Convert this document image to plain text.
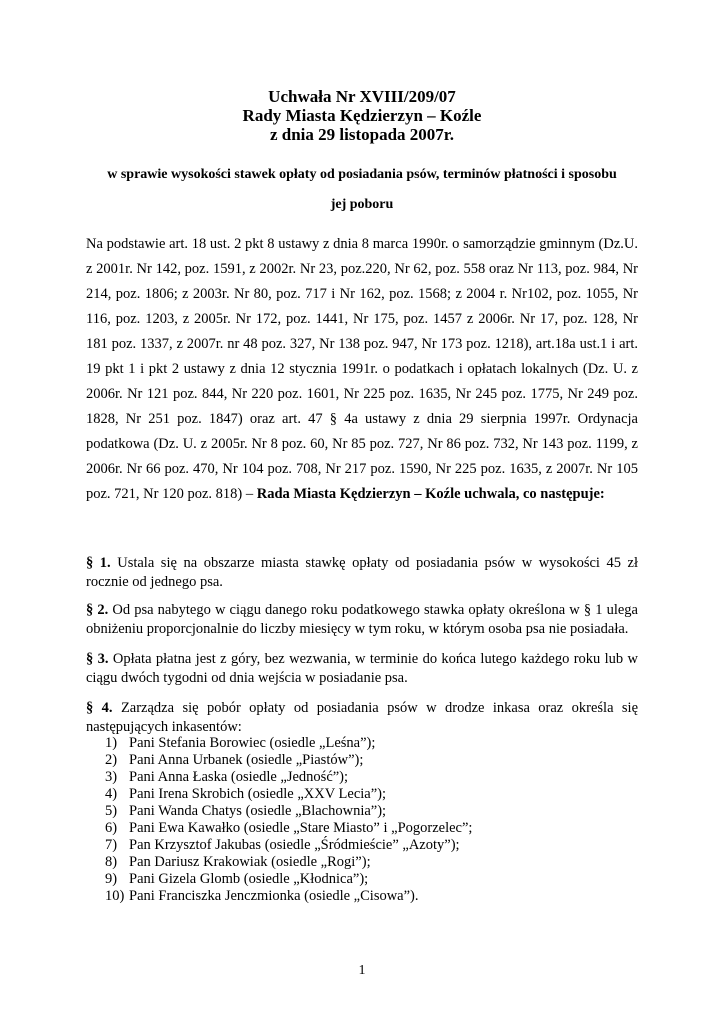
Uchwała Nr XVIII/209/07
Rady Miasta Kędzierzyn – Koźle
z dnia 29 listopada 2007r.
w sprawie wysokości stawek opłaty od posiadania psów, terminów płatności i sposobu
jej poboru
Na podstawie art. 18 ust. 2 pkt 8 ustawy z dnia 8 marca 1990r. o samorządzie gminnym (Dz.U. z 2001r. Nr 142, poz. 1591, z 2002r. Nr 23, poz.220, Nr 62, poz. 558 oraz Nr 113, poz. 984, Nr 214, poz. 1806; z 2003r. Nr 80, poz. 717 i Nr 162, poz. 1568; z 2004 r. Nr102, poz. 1055, Nr 116, poz. 1203, z 2005r. Nr 172, poz. 1441, Nr 175, poz. 1457 z 2006r. Nr 17, poz. 128, Nr 181 poz. 1337, z 2007r. nr 48 poz. 327, Nr 138 poz. 947, Nr 173 poz. 1218), art.18a ust.1 i art. 19 pkt 1 i pkt 2 ustawy z dnia 12 stycznia 1991r. o podatkach i opłatach lokalnych (Dz. U. z 2006r. Nr 121 poz. 844, Nr 220 poz. 1601, Nr 225 poz. 1635, Nr 245 poz. 1775, Nr 249 poz. 1828, Nr 251 poz. 1847) oraz art. 47 § 4a ustawy z dnia 29 sierpnia 1997r. Ordynacja podatkowa (Dz. U. z 2005r. Nr 8 poz. 60, Nr 85 poz. 727, Nr 86 poz. 732, Nr 143 poz. 1199, z 2006r. Nr 66 poz. 470, Nr 104 poz. 708, Nr 217 poz. 1590, Nr 225 poz. 1635, z 2007r. Nr 105 poz. 721, Nr 120 poz. 818) – Rada Miasta Kędzierzyn – Koźle uchwala, co następuje:
§ 1. Ustala się na obszarze miasta stawkę opłaty od posiadania psów w wysokości 45 zł rocznie od jednego psa.
§ 2. Od psa nabytego w ciągu danego roku podatkowego stawka opłaty określona w § 1 ulega obniżeniu proporcjonalnie do liczby miesięcy w tym roku, w którym osoba psa nie posiadała.
§ 3. Opłata płatna jest z góry, bez wezwania, w terminie do końca lutego każdego roku lub w ciągu dwóch tygodni od dnia wejścia w posiadanie psa.
§ 4. Zarządza się pobór opłaty od posiadania psów w drodze inkasa oraz określa się następujących inkasentów:
1) Pani Stefania Borowiec (osiedle „Leśna”);
2) Pani Anna Urbanek (osiedle „Piastów”);
3) Pani Anna Łaska (osiedle „Jedność”);
4) Pani Irena Skrobich (osiedle „XXV Lecia”);
5) Pani Wanda Chatys (osiedle „Blachownia”);
6) Pani Ewa Kawałko (osiedle „Stare Miasto” i „Pogorzelec”;
7) Pan Krzysztof Jakubas (osiedle „Śródmieście” „Azoty”);
8) Pan Dariusz Krakowiak (osiedle „Rogi”);
9) Pani Gizela Glomb (osiedle „Kłodnica”);
10) Pani Franciszka Jenczmionka (osiedle „Cisowa”).
1
